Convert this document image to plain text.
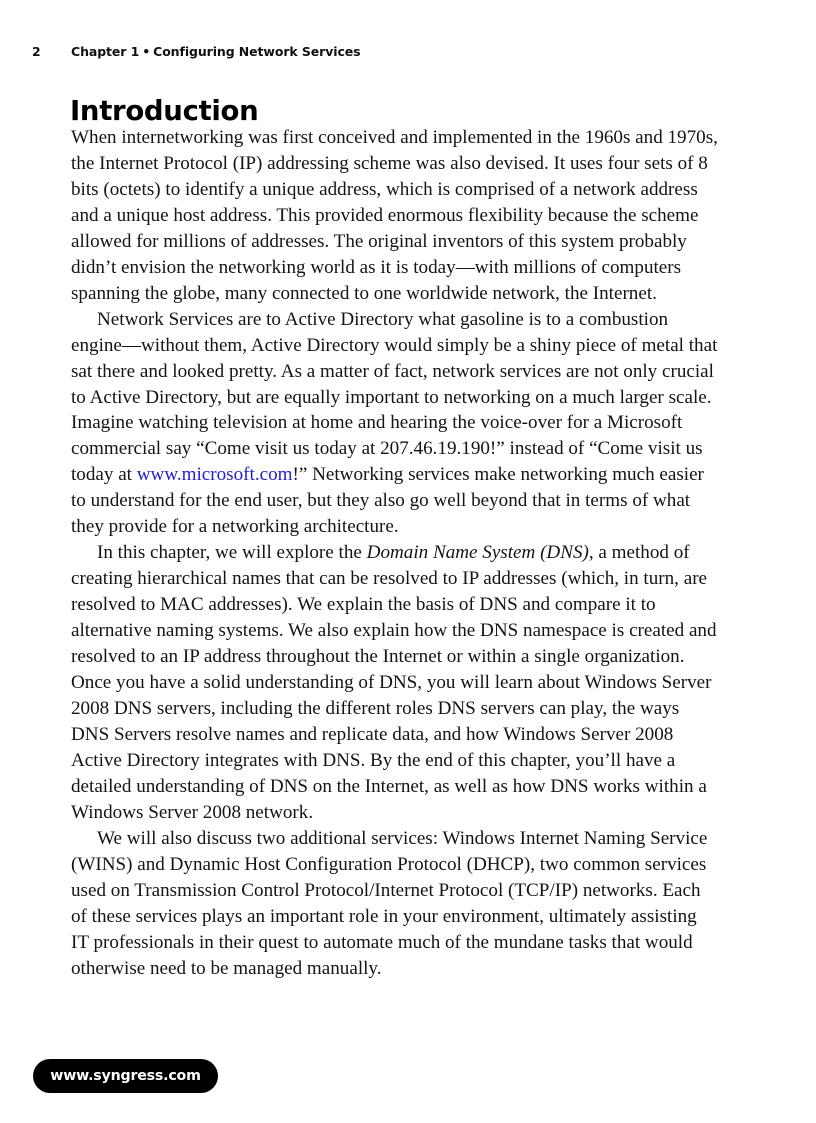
2 Chapter 1 • Configuring Network Services
Introduction

When internetworking was first conceived and implemented in the 1960s and 1970s, the Internet Protocol (IP) addressing scheme was also devised. It uses four sets of 8 bits (octets) to identify a unique address, which is comprised of a network address and a unique host address. This provided enormous flexibility because the scheme allowed for millions of addresses. The original inventors of this system probably didn’t envision the networking world as it is today—with millions of computers spanning the globe, many connected to one worldwide network, the Internet.

Network Services are to Active Directory what gasoline is to a combustion engine—without them, Active Directory would simply be a shiny piece of metal that sat there and looked pretty. As a matter of fact, network services are not only crucial to Active Directory, but are equally important to networking on a much larger scale. Imagine watching television at home and hearing the voice-over for a Microsoft commercial say “Come visit us today at 207.46.19.190!” instead of “Come visit us today at www.microsoft.com!” Networking services make networking much easier to understand for the end user, but they also go well beyond that in terms of what they provide for a networking architecture.

In this chapter, we will explore the Domain Name System (DNS), a method of creating hierarchical names that can be resolved to IP addresses (which, in turn, are resolved to MAC addresses). We explain the basis of DNS and compare it to alternative naming systems. We also explain how the DNS namespace is created and resolved to an IP address throughout the Internet or within a single organization. Once you have a solid understanding of DNS, you will learn about Windows Server 2008 DNS servers, including the different roles DNS servers can play, the ways DNS Servers resolve names and replicate data, and how Windows Server 2008 Active Directory integrates with DNS. By the end of this chapter, you’ll have a detailed understanding of DNS on the Internet, as well as how DNS works within a Windows Server 2008 network.

We will also discuss two additional services: Windows Internet Naming Service (WINS) and Dynamic Host Configuration Protocol (DHCP), two common services used on Transmission Control Protocol/Internet Protocol (TCP/IP) networks. Each of these services plays an important role in your environment, ultimately assisting IT professionals in their quest to automate much of the mundane tasks that would otherwise need to be managed manually.

www.syngress.com
